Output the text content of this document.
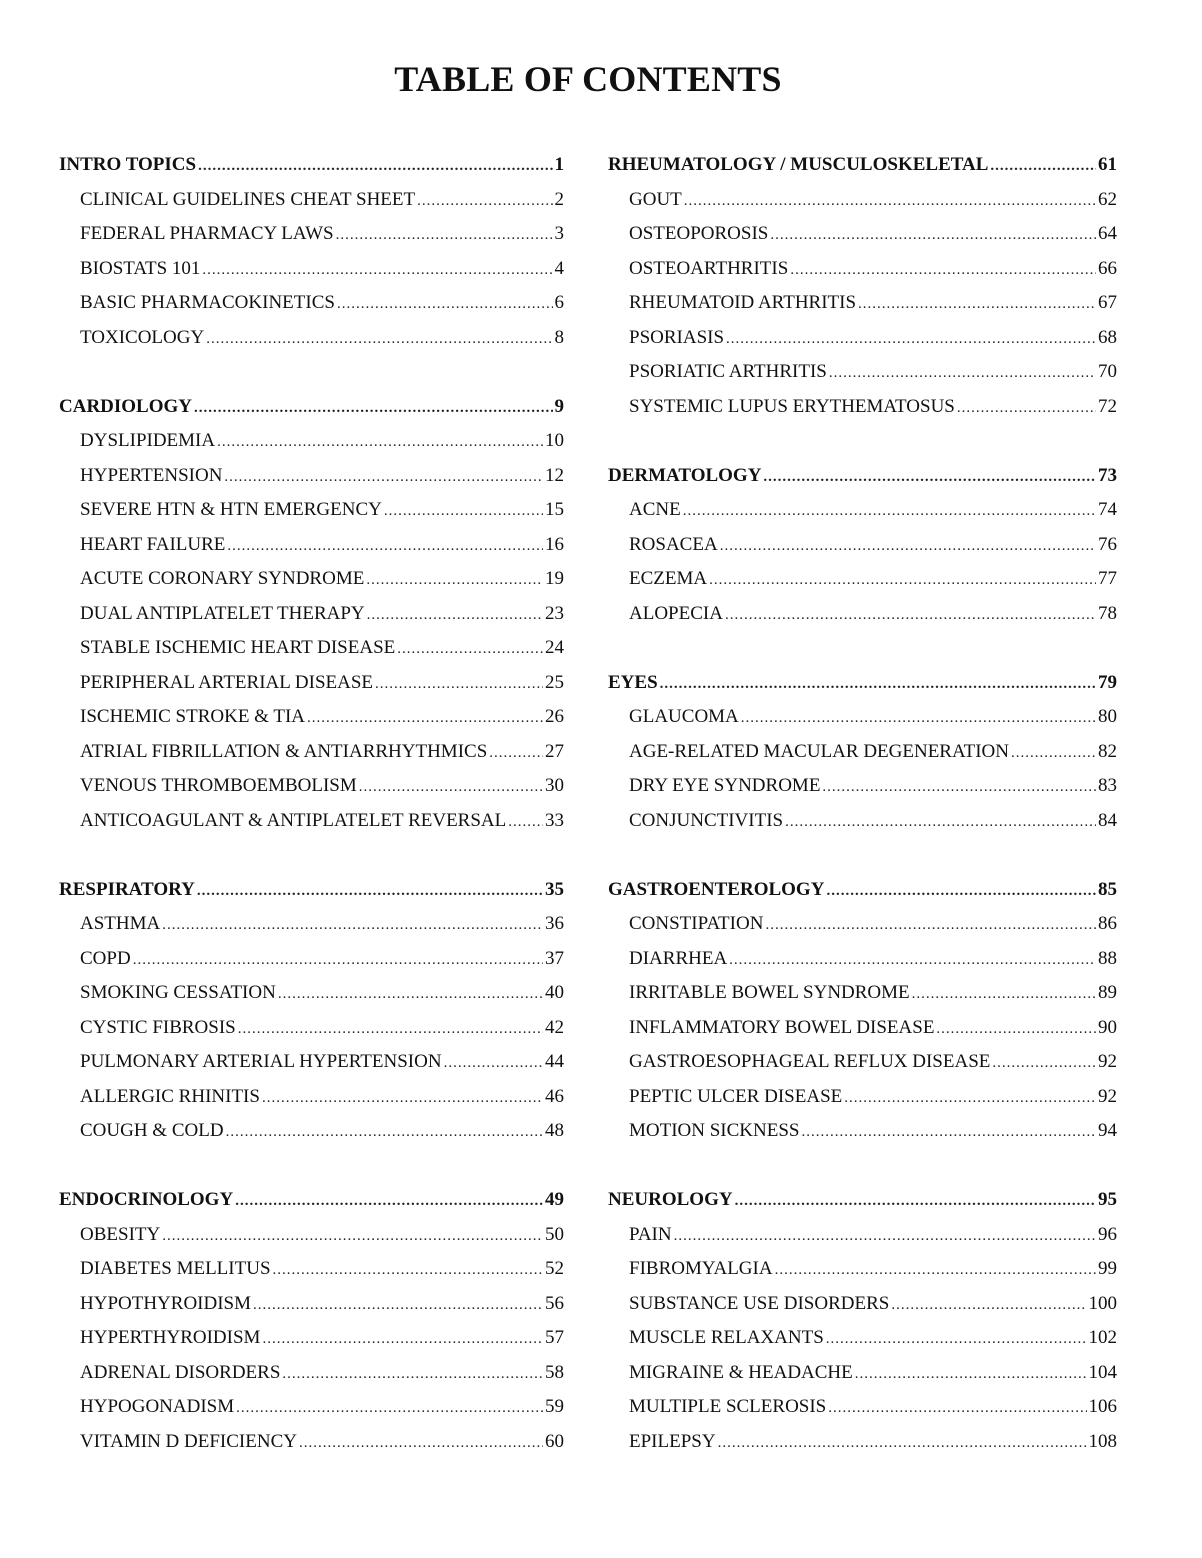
TABLE OF CONTENTS
INTRO TOPICS .....	1
CLINICAL GUIDELINES CHEAT SHEET .....	2
FEDERAL PHARMACY LAWS .....	3
BIOSTATS 101 .....	4
BASIC PHARMACOKINETICS .....	6
TOXICOLOGY .....	8
CARDIOLOGY .....	9
DYSLIPIDEMIA .....	10
HYPERTENSION .....	12
SEVERE HTN & HTN EMERGENCY .....	15
HEART FAILURE .....	16
ACUTE CORONARY SYNDROME .....	19
DUAL ANTIPLATELET THERAPY .....	23
STABLE ISCHEMIC HEART DISEASE .....	24
PERIPHERAL ARTERIAL DISEASE .....	25
ISCHEMIC STROKE & TIA .....	26
ATRIAL FIBRILLATION & ANTIARRHYTHMICS .....	27
VENOUS THROMBOEMBOLISM .....	30
ANTICOAGULANT & ANTIPLATELET REVERSAL ..... 33
RESPIRATORY .....	35
ASTHMA .....	36
COPD .....	37
SMOKING CESSATION .....	40
CYSTIC FIBROSIS .....	42
PULMONARY ARTERIAL HYPERTENSION .....	44
ALLERGIC RHINITIS .....	46
COUGH & COLD .....	48
ENDOCRINOLOGY .....	49
OBESITY .....	50
DIABETES MELLITUS .....	52
HYPOTHYROIDISM .....	56
HYPERTHYROIDISM .....	57
ADRENAL DISORDERS .....	58
HYPOGONADISM .....	59
VITAMIN D DEFICIENCY .....	60
RHEUMATOLOGY / MUSCULOSKELETAL .....	61
GOUT .....	62
OSTEOPOROSIS .....	64
OSTEOARTHRITIS .....	66
RHEUMATOID ARTHRITIS .....	67
PSORIASIS .....	68
PSORIATIC ARTHRITIS .....	70
SYSTEMIC LUPUS ERYTHEMATOSUS .....	72
DERMATOLOGY .....	73
ACNE .....	74
ROSACEA .....	76
ECZEMA .....	77
ALOPECIA .....	78
EYES .....	79
GLAUCOMA .....	80
AGE-RELATED MACULAR DEGENERATION .....	82
DRY EYE SYNDROME .....	83
CONJUNCTIVITIS .....	84
GASTROENTEROLOGY .....	85
CONSTIPATION .....	86
DIARRHEA .....	88
IRRITABLE BOWEL SYNDROME .....	89
INFLAMMATORY BOWEL DISEASE .....	90
GASTROESOPHAGEAL REFLUX DISEASE .....	92
PEPTIC ULCER DISEASE .....	92
MOTION SICKNESS .....	94
NEUROLOGY .....	95
PAIN .....	96
FIBROMYALGIA .....	99
SUBSTANCE USE DISORDERS .....	100
MUSCLE RELAXANTS .....	102
MIGRAINE & HEADACHE .....	104
MULTIPLE SCLEROSIS .....	106
EPILEPSY .....	108
